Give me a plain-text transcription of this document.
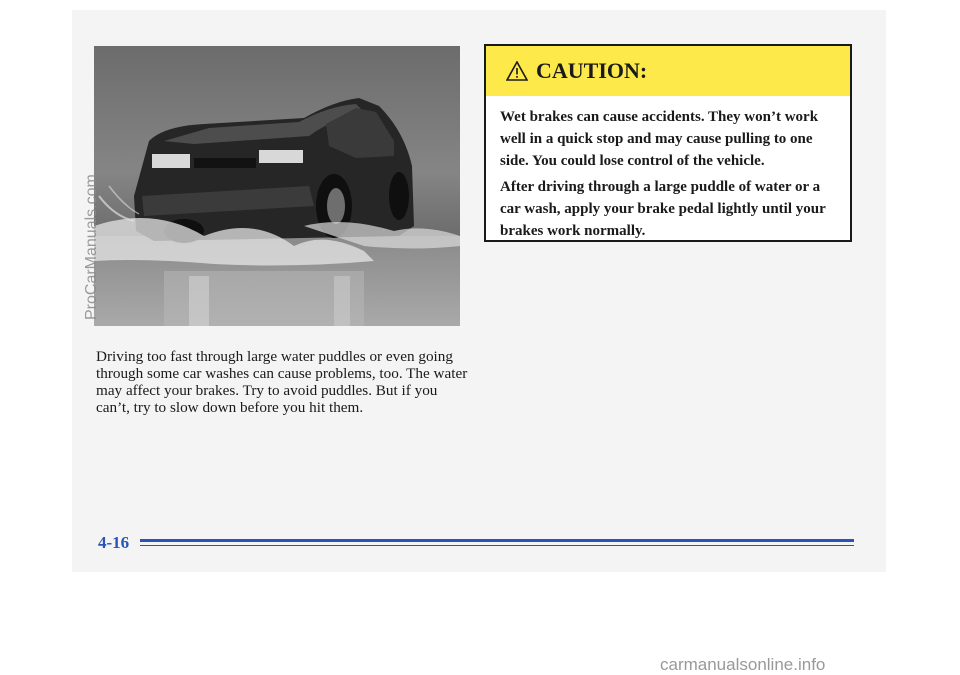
CAUTION:

Wet brakes can cause accidents. They won’t work well in a quick stop and may cause pulling to one side. You could lose control of the vehicle.

After driving through a large puddle of water or a car wash, apply your brake pedal lightly until your brakes work normally.

Driving too fast through large water puddles or even going through some car washes can cause problems, too. The water may affect your brakes. Try to avoid puddles. But if you can’t, try to slow down before you hit them.

4-16
carmanualsonline.info
